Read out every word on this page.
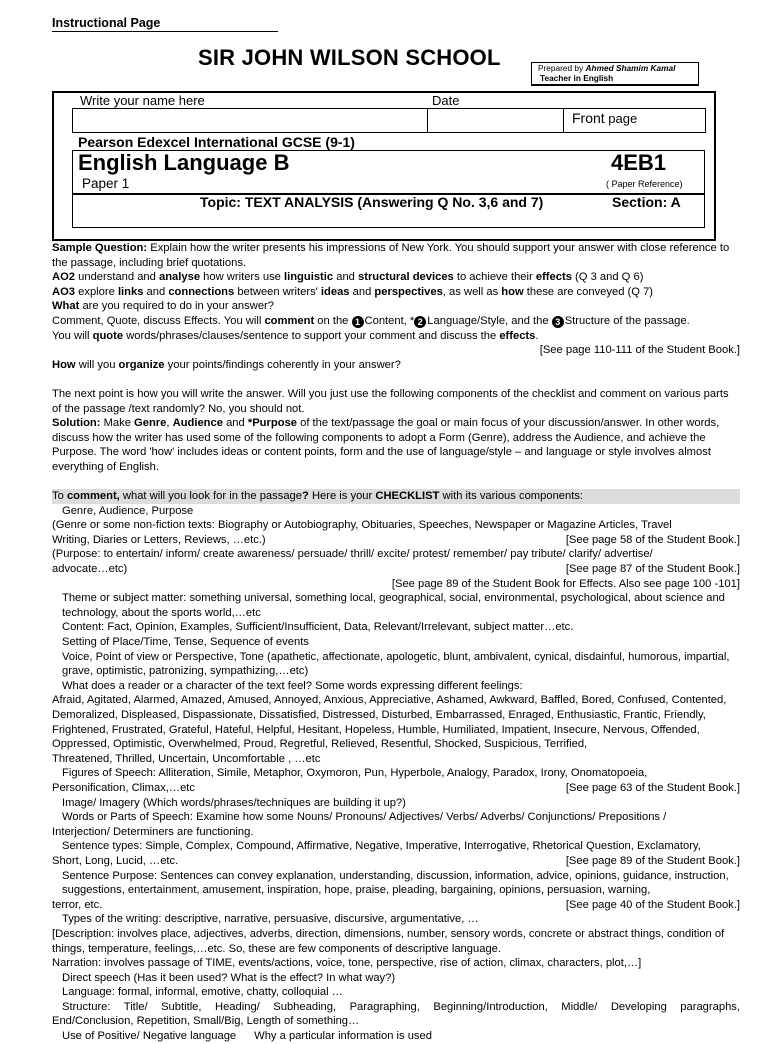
Instructional Page
SIR JOHN WILSON SCHOOL	Prepared by Ahmed Shamim Kamal
Teacher in English
Write your name here	Date
Front page
Pearson Edexcel International GCSE (9-1)
English Language B	4EB1
Paper 1	( Paper Reference)
Topic: TEXT ANALYSIS (Answering Q No. 3,6 and 7)	Section: A

Sample Question: Explain how the writer presents his impressions of New York. You should support your answer with close reference to the passage, including brief quotations.

AO2 understand and analyse how writers use linguistic and structural devices to achieve their effects (Q 3 and Q 6)

AO3 explore links and connections between writers' ideas and perspectives, as well as how these are conveyed (Q 7)

What are you required to do in your answer?

Comment, Quote, discuss Effects. You will comment on the 1 Content, * 2 Language/Style, and the 3 Structure of the passage.

You will quote words/phrases/clauses/sentence to support your comment and discuss the effects.

[See page 110-111 of the Student Book.]

How will you organize your points/findings coherently in your answer?

The next point is how you will write the answer. Will you just use the following components of the checklist and comment on various parts of the passage /text randomly? No, you should not.

Solution: Make Genre, Audience and *Purpose of the text/passage the goal or main focus of your discussion/answer. In other words, discuss how the writer has used some of the following components to adopt a Form (Genre), address the Audience, and achieve the Purpose. The word 'how' includes ideas or content points, form and the use of language/style – and language or style involves almost everything of English.

To comment, what will you look for in the passage? Here is your CHECKLIST with its various components:

Genre, Audience, Purpose

(Genre or some non-fiction texts: Biography or Autobiography, Obituaries, Speeches, Newspaper or Magazine Articles, Travel

Writing, Diaries or Letters, Reviews, …etc.)	[See page 58 of the Student Book.]

(Purpose: to entertain/ inform/ create awareness/ persuade/ thrill/ excite/ protest/ remember/ pay tribute/ clarify/ advertise/

advocate…etc)	[See page 87 of the Student Book.]

[See page 89 of the Student Book for Effects. Also see page 100 -101]

Theme or subject matter: something universal, something local, geographical, social, environmental, psychological, about science and technology, about the sports world,…etc

Content: Fact, Opinion, Examples, Sufficient/Insufficient, Data, Relevant/Irrelevant, subject matter…etc.

Setting of Place/Time, Tense, Sequence of events

Voice, Point of view or Perspective, Tone (apathetic, affectionate, apologetic, blunt, ambivalent, cynical, disdainful, humorous, impartial, grave, optimistic, patronizing, sympathizing,…etc)

What does a reader or a character of the text feel? Some words expressing different feelings:

Afraid, Agitated, Alarmed, Amazed, Amused, Annoyed, Anxious, Appreciative, Ashamed, Awkward, Baffled, Bored, Confused, Contented, Demoralized, Displeased, Dispassionate, Dissatisfied, Distressed, Disturbed, Embarrassed, Enraged, Enthusiastic, Frantic, Friendly, Frightened, Frustrated, Grateful, Hateful, Helpful, Hesitant, Hopeless, Humble, Humiliated, Impatient, Insecure, Nervous, Offended, Oppressed, Optimistic, Overwhelmed, Proud, Regretful, Relieved, Resentful, Shocked, Suspicious, Terrified,

Threatened, Thrilled, Uncertain, Uncomfortable , …etc

Figures of Speech: Alliteration, Simile, Metaphor, Oxymoron, Pun, Hyperbole, Analogy, Paradox, Irony, Onomatopoeia,

Personification, Climax,…etc	[See page 63 of the Student Book.]

Image/ Imagery (Which words/phrases/techniques are building it up?)

Words or Parts of Speech: Examine how some Nouns/ Pronouns/ Adjectives/ Verbs/ Adverbs/ Conjunctions/ Prepositions /

Interjection/ Determiners are functioning.

Sentence types: Simple, Complex, Compound, Affirmative, Negative, Imperative, Interrogative, Rhetorical Question, Exclamatory,

Short, Long, Lucid, …etc.	[See page 89 of the Student Book.]

Sentence Purpose: Sentences can convey explanation, understanding, discussion, information, advice, opinions, guidance, instruction, suggestions, entertainment, amusement, inspiration, hope, praise, pleading, bargaining, opinions, persuasion, warning,

terror, etc.	[See page 40 of the Student Book.]

Types of the writing: descriptive, narrative, persuasive, discursive, argumentative, …

[Description: involves place, adjectives, adverbs, direction, dimensions, number, sensory words, concrete or abstract things, condition of things, temperature, feelings,…etc. So, these are few components of descriptive language.

Narration: involves passage of TIME, events/actions, voice, tone, perspective, rise of action, climax, characters, plot,…]

Direct speech (Has it been used? What is the effect? In what way?)

Language: formal, informal, emotive, chatty, colloquial …

Structure: Title/ Subtitle, Heading/ Subheading, Paragraphing, Beginning/Introduction, Middle/ Developing paragraphs,

End/Conclusion, Repetition, Small/Big, Length of something…

Use of Positive/ Negative language Why a particular information is used
